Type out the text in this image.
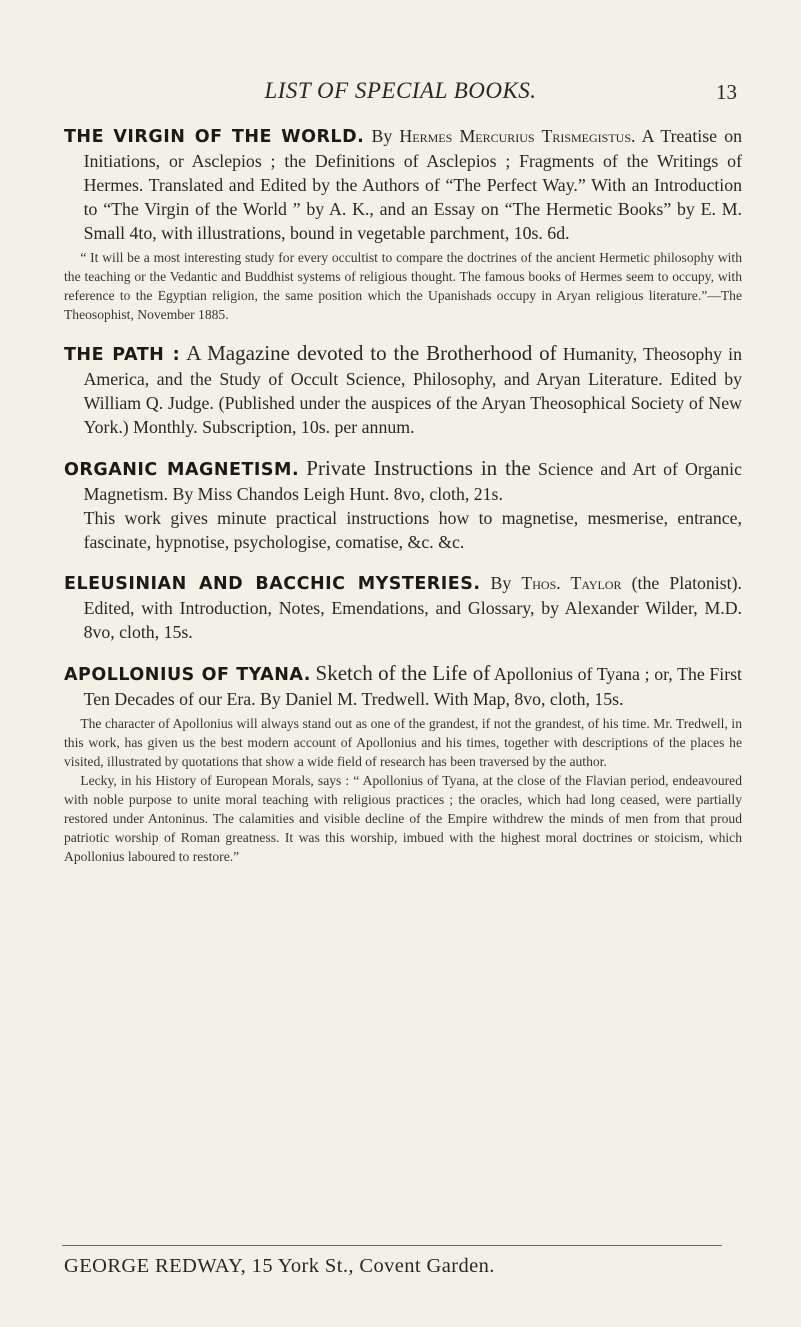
LIST OF SPECIAL BOOKS.	13

THE VIRGIN OF THE WORLD. By Hermes Mercurius Trismegistus. A Treatise on Initiations, or Asclepios ; the Definitions of Asclepios ; Fragments of the Writings of Hermes. Translated and Edited by the Authors of “The Perfect Way.” With an Introduction to “The Virgin of the World ” by A. K., and an Essay on “The Hermetic Books” by E. M. Small 4to, with illustrations, bound in vegetable parchment, 10s. 6d.

“ It will be a most interesting study for every occultist to compare the doctrines of the ancient Hermetic philosophy with the teaching or the Vedantic and Buddhist systems of religious thought. The famous books of Hermes seem to occupy, with reference to the Egyptian religion, the same position which the Upanishads occupy in Aryan religious literature.”—The Theosophist, November 1885.

THE PATH : A Magazine devoted to the Brotherhood of Humanity, Theosophy in America, and the Study of Occult Science, Philosophy, and Aryan Literature. Edited by William Q. Judge. (Published under the auspices of the Aryan Theosophical Society of New York.) Monthly. Subscription, 10s. per annum.

ORGANIC MAGNETISM. Private Instructions in the Science and Art of Organic Magnetism. By Miss Chandos Leigh Hunt. 8vo, cloth, 21s.

This work gives minute practical instructions how to magnetise, mesmerise, entrance, fascinate, hypnotise, psychologise, comatise, &c. &c.

ELEUSINIAN AND BACCHIC MYSTERIES. By Thos. Taylor (the Platonist). Edited, with Introduction, Notes, Emendations, and Glossary, by Alexander Wilder, M.D. 8vo, cloth, 15s.

APOLLONIUS OF TYANA. Sketch of the Life of Apollonius of Tyana ; or, The First Ten Decades of our Era. By Daniel M. Tredwell. With Map, 8vo, cloth, 15s.

The character of Apollonius will always stand out as one of the grandest, if not the grandest, of his time. Mr. Tredwell, in this work, has given us the best modern account of Apollonius and his times, together with descriptions of the places he visited, illustrated by quotations that show a wide field of research has been traversed by the author.

Lecky, in his History of European Morals, says : “ Apollonius of Tyana, at the close of the Flavian period, endeavoured with noble purpose to unite moral teaching with religious practices ; the oracles, which had long ceased, were partially restored under Antoninus. The calamities and visible decline of the Empire withdrew the minds of men from that proud patriotic worship of Roman greatness. It was this worship, imbued with the highest moral doctrines or stoicism, which Apollonius laboured to restore.”

GEORGE REDWAY, 15 York St., Covent Garden.
